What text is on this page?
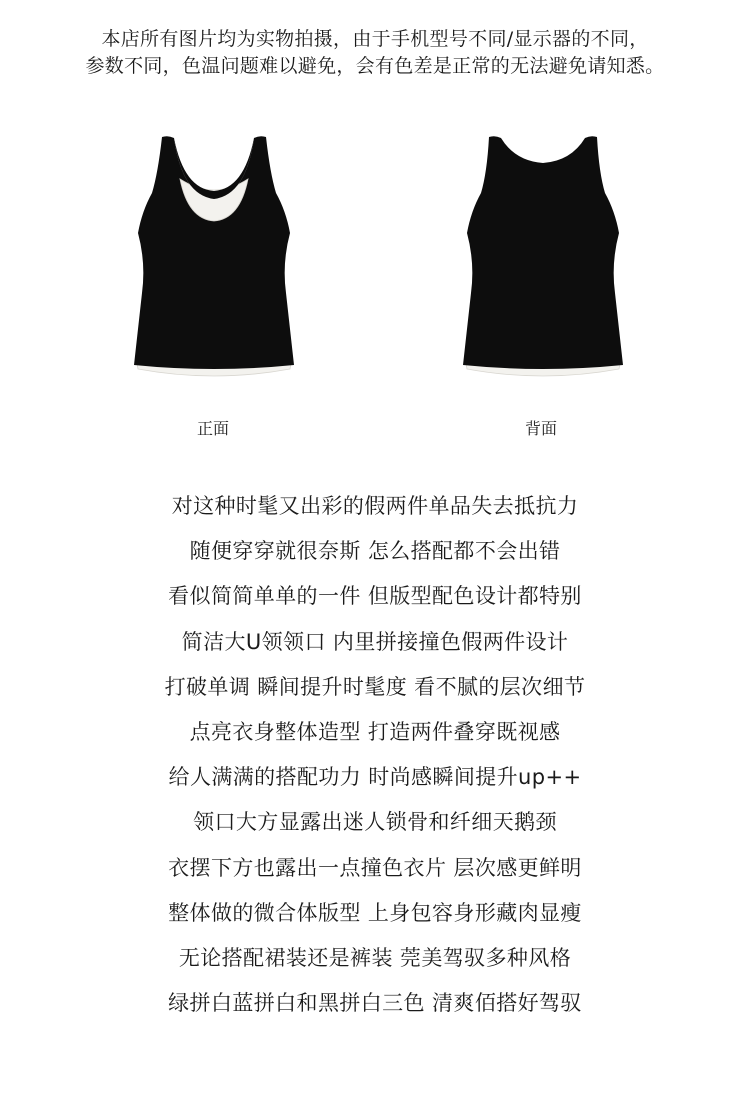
本店所有图片均为实物拍摄，由于手机型号不同/显示器的不同，
参数不同，色温问题难以避免，会有色差是正常的无法避免请知悉。
正面	背面
对这种时髦又出彩的假两件单品失去抵抗力
随便穿穿就很奈斯 怎么搭配都不会出错
看似简简单单的一件 但版型配色设计都特别
简洁大U领领口 内里拼接撞色假两件设计
打破单调 瞬间提升时髦度 看不腻的层次细节
点亮衣身整体造型 打造两件叠穿既视感
给人满满的搭配功力 时尚感瞬间提升up++
领口大方显露出迷人锁骨和纤细天鹅颈
衣摆下方也露出一点撞色衣片 层次感更鲜明
整体做的微合体版型 上身包容身形藏肉显瘦
无论搭配裙装还是裤装 莞美驾驭多种风格
绿拼白蓝拼白和黑拼白三色 清爽佰搭好驾驭
